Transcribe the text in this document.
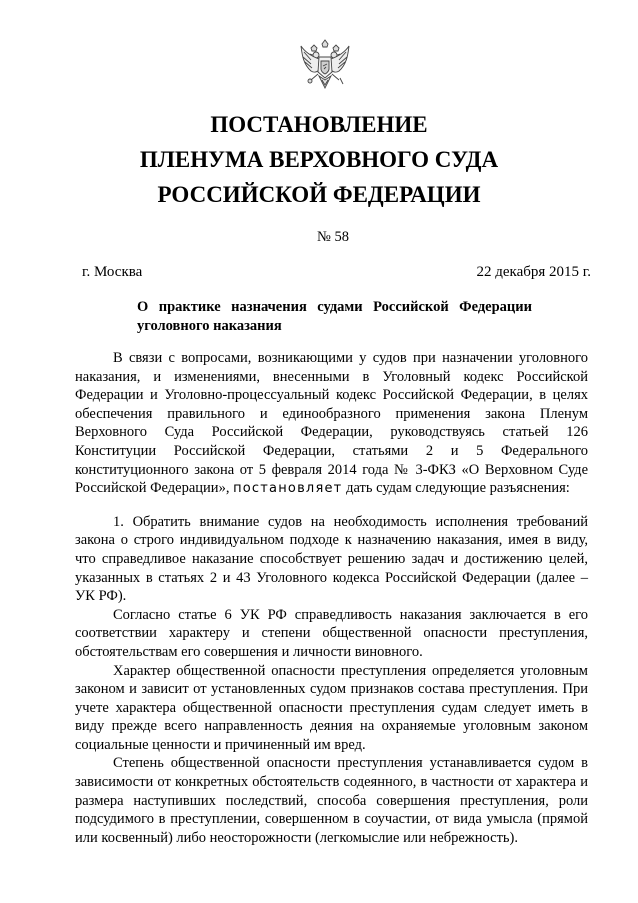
ПОСТАНОВЛЕНИЕ
ПЛЕНУМА ВЕРХОВНОГО СУДА
РОССИЙСКОЙ ФЕДЕРАЦИИ
№ 58
г. Москва	22 декабря 2015 г.
О практике назначения судами Российской Федерации уголовного наказания

В связи с вопросами, возникающими у судов при назначении уголовного наказания, и изменениями, внесенными в Уголовный кодекс Российской Федерации и Уголовно-процессуальный кодекс Российской Федерации, в целях обеспечения правильного и единообразного применения закона Пленум Верховного Суда Российской Федерации, руководствуясь статьей 126 Конституции Российской Федерации, статьями 2 и 5 Федерального конституционного закона от 5 февраля 2014 года № 3-ФКЗ «О Верховном Суде Российской Федерации», постановляет дать судам следующие разъяснения:

1. Обратить внимание судов на необходимость исполнения требований закона о строго индивидуальном подходе к назначению наказания, имея в виду, что справедливое наказание способствует решению задач и достижению целей, указанных в статьях 2 и 43 Уголовного кодекса Российской Федерации (далее – УК РФ).

Согласно статье 6 УК РФ справедливость наказания заключается в его соответствии характеру и степени общественной опасности преступления, обстоятельствам его совершения и личности виновного.

Характер общественной опасности преступления определяется уголовным законом и зависит от установленных судом признаков состава преступления. При учете характера общественной опасности преступления судам следует иметь в виду прежде всего направленность деяния на охраняемые уголовным законом социальные ценности и причиненный им вред.

Степень общественной опасности преступления устанавливается судом в зависимости от конкретных обстоятельств содеянного, в частности от характера и размера наступивших последствий, способа совершения преступления, роли подсудимого в преступлении, совершенном в соучастии, от вида умысла (прямой или косвенный) либо неосторожности (легкомыслие или небрежность).
